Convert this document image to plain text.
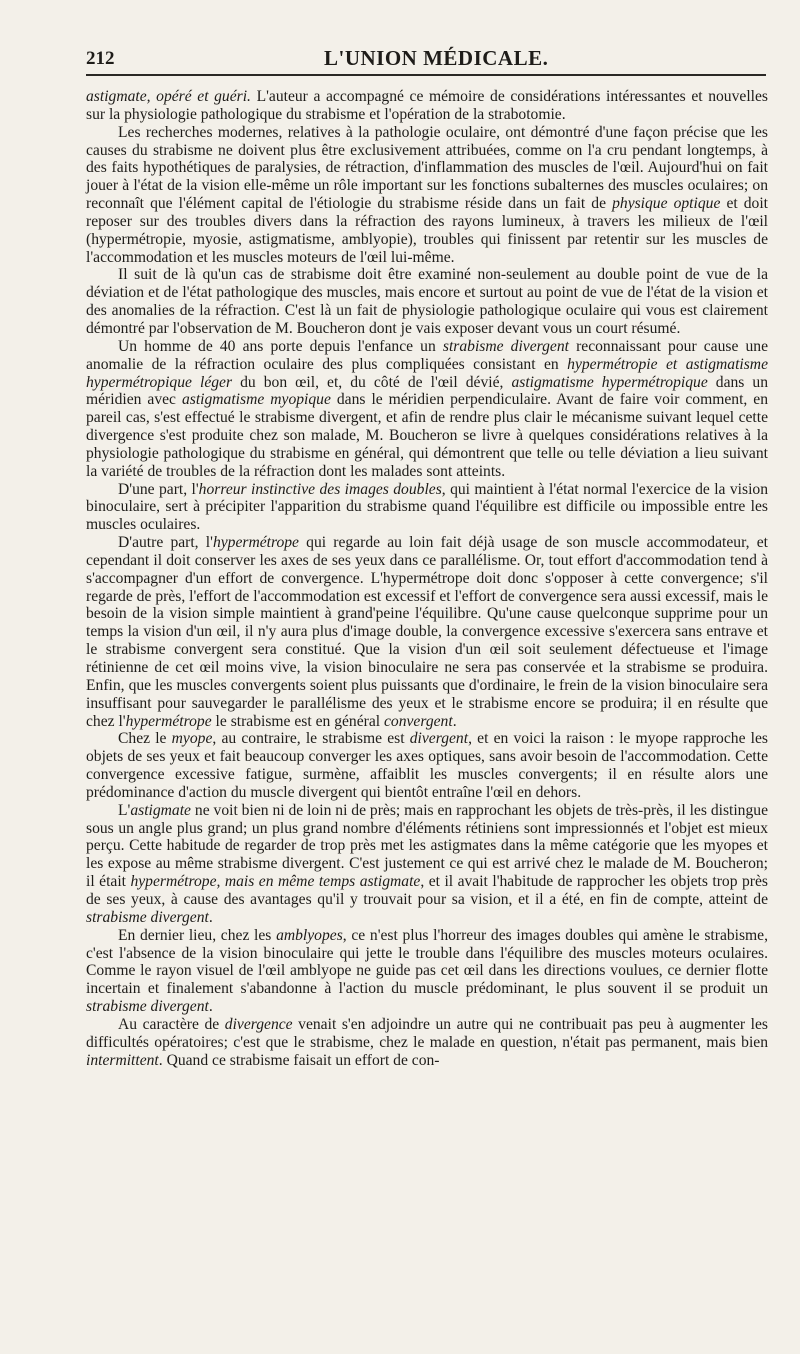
212	L'UNION MÉDICALE.

astigmate, opéré et guéri. L'auteur a accompagné ce mémoire de considérations intéressantes et nouvelles sur la physiologie pathologique du strabisme et l'opération de la strabotomie.

Les recherches modernes, relatives à la pathologie oculaire, ont démontré d'une façon précise que les causes du strabisme ne doivent plus être exclusivement attribuées, comme on l'a cru pendant longtemps, à des faits hypothétiques de paralysies, de rétraction, d'inflammation des muscles de l'œil. Aujourd'hui on fait jouer à l'état de la vision elle-même un rôle important sur les fonctions subalternes des muscles oculaires; on reconnaît que l'élément capital de l'étiologie du strabisme réside dans un fait de physique optique et doit reposer sur des troubles divers dans la réfraction des rayons lumineux, à travers les milieux de l'œil (hypermétropie, myosie, astigmatisme, amblyopie), troubles qui finissent par retentir sur les muscles de l'accommodation et les muscles moteurs de l'œil lui-même.

Il suit de là qu'un cas de strabisme doit être examiné non-seulement au double point de vue de la déviation et de l'état pathologique des muscles, mais encore et surtout au point de vue de l'état de la vision et des anomalies de la réfraction. C'est là un fait de physiologie pathologique oculaire qui vous est clairement démontré par l'observation de M. Boucheron dont je vais exposer devant vous un court résumé.

Un homme de 40 ans porte depuis l'enfance un strabisme divergent reconnaissant pour cause une anomalie de la réfraction oculaire des plus compliquées consistant en hypermétropie et astigmatisme hypermétropique léger du bon œil, et, du côté de l'œil dévié, astigmatisme hypermétropique dans un méridien avec astigmatisme myopique dans le méridien perpendiculaire. Avant de faire voir comment, en pareil cas, s'est effectué le strabisme divergent, et afin de rendre plus clair le mécanisme suivant lequel cette divergence s'est produite chez son malade, M. Boucheron se livre à quelques considérations relatives à la physiologie pathologique du strabisme en général, qui démontrent que telle ou telle déviation a lieu suivant la variété de troubles de la réfraction dont les malades sont atteints.

D'une part, l'horreur instinctive des images doubles, qui maintient à l'état normal l'exercice de la vision binoculaire, sert à précipiter l'apparition du strabisme quand l'équilibre est difficile ou impossible entre les muscles oculaires.

D'autre part, l'hypermétrope qui regarde au loin fait déjà usage de son muscle accommodateur, et cependant il doit conserver les axes de ses yeux dans ce parallélisme. Or, tout effort d'accommodation tend à s'accompagner d'un effort de convergence. L'hypermétrope doit donc s'opposer à cette convergence; s'il regarde de près, l'effort de l'accommodation est excessif et l'effort de convergence sera aussi excessif, mais le besoin de la vision simple maintient à grand'peine l'équilibre. Qu'une cause quelconque supprime pour un temps la vision d'un œil, il n'y aura plus d'image double, la convergence excessive s'exercera sans entrave et le strabisme convergent sera constitué. Que la vision d'un œil soit seulement défectueuse et l'image rétinienne de cet œil moins vive, la vision binoculaire ne sera pas conservée et la strabisme se produira. Enfin, que les muscles convergents soient plus puissants que d'ordinaire, le frein de la vision binoculaire sera insuffisant pour sauvegarder le parallélisme des yeux et le strabisme encore se produira; il en résulte que chez l'hypermétrope le strabisme est en général convergent.

Chez le myope, au contraire, le strabisme est divergent, et en voici la raison : le myope rapproche les objets de ses yeux et fait beaucoup converger les axes optiques, sans avoir besoin de l'accommodation. Cette convergence excessive fatigue, surmène, affaiblit les muscles convergents; il en résulte alors une prédominance d'action du muscle divergent qui bientôt entraîne l'œil en dehors.

L'astigmate ne voit bien ni de loin ni de près; mais en rapprochant les objets de très-près, il les distingue sous un angle plus grand; un plus grand nombre d'éléments rétiniens sont impressionnés et l'objet est mieux perçu. Cette habitude de regarder de trop près met les astigmates dans la même catégorie que les myopes et les expose au même strabisme divergent. C'est justement ce qui est arrivé chez le malade de M. Boucheron; il était hypermétrope, mais en même temps astigmate, et il avait l'habitude de rapprocher les objets trop près de ses yeux, à cause des avantages qu'il y trouvait pour sa vision, et il a été, en fin de compte, atteint de strabisme divergent.

En dernier lieu, chez les amblyopes, ce n'est plus l'horreur des images doubles qui amène le strabisme, c'est l'absence de la vision binoculaire qui jette le trouble dans l'équilibre des muscles moteurs oculaires. Comme le rayon visuel de l'œil amblyope ne guide pas cet œil dans les directions voulues, ce dernier flotte incertain et finalement s'abandonne à l'action du muscle prédominant, le plus souvent il se produit un strabisme divergent.

Au caractère de divergence venait s'en adjoindre un autre qui ne contribuait pas peu à augmenter les difficultés opératoires; c'est que le strabisme, chez le malade en question, n'était pas permanent, mais bien intermittent. Quand ce strabisme faisait un effort de con-
